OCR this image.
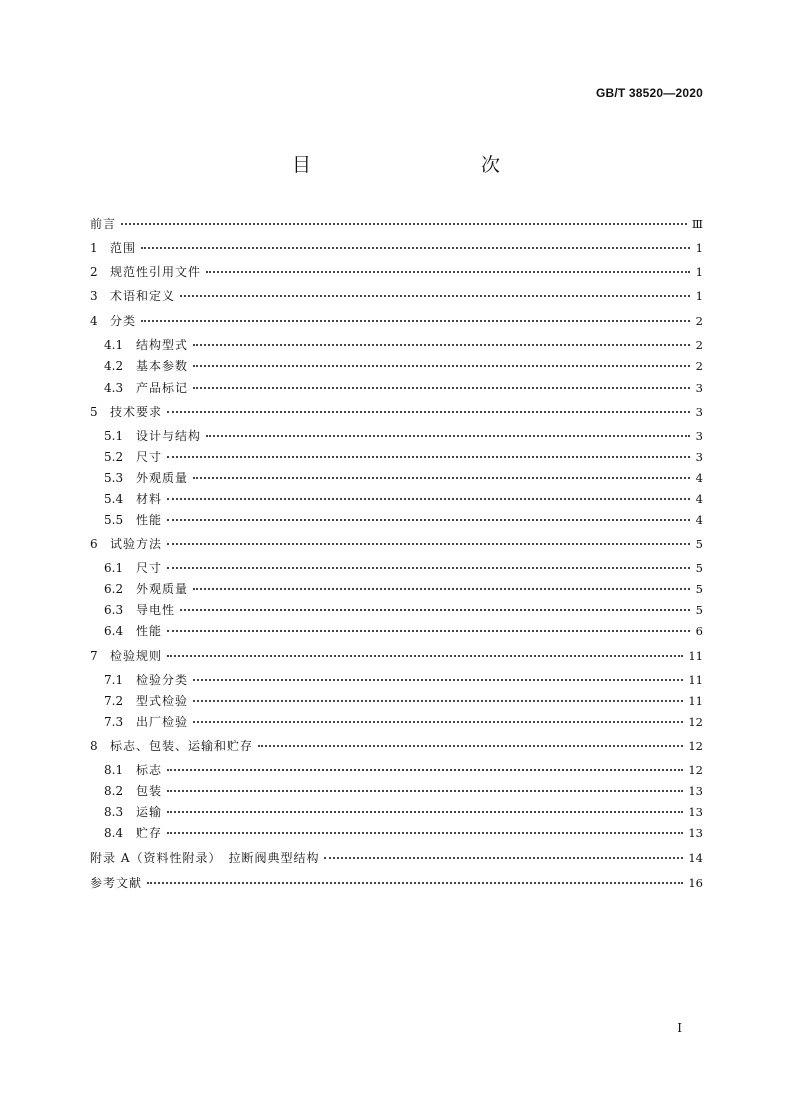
GB/T 38520—2020
目　　次
前言	Ⅲ
1	范围	1
2	规范性引用文件	1
3	术语和定义	1
4	分类	2
4.1	结构型式	2
4.2	基本参数	2
4.3	产品标记	3
5	技术要求	3
5.1	设计与结构	3
5.2	尺寸	3
5.3	外观质量	4
5.4	材料	4
5.5	性能	4
6	试验方法	5
6.1	尺寸	5
6.2	外观质量	5
6.3	导电性	5
6.4	性能	6
7	检验规则	11
7.1	检验分类	11
7.2	型式检验	11
7.3	出厂检验	12
8	标志、包装、运输和贮存	12
8.1	标志	12
8.2	包装	13
8.3	运输	13
8.4	贮存	13
附录 A（资料性附录）　拉断阀典型结构	14
参考文献	16
I
